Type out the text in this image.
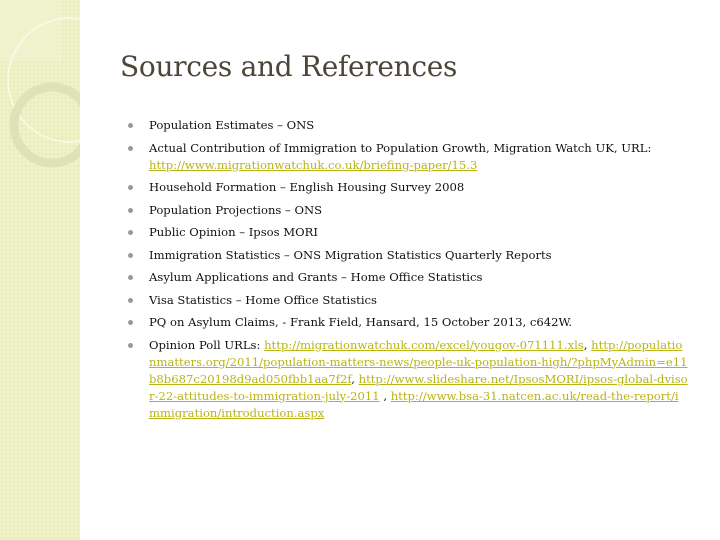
Sources and References
Population Estimates – ONS
Actual Contribution of Immigration to Population Growth, Migration Watch UK, URL:
http://www.migrationwatchuk.co.uk/briefing-paper/15.3
Household Formation – English Housing Survey 2008
Population Projections – ONS
Public Opinion – Ipsos MORI
Immigration Statistics – ONS Migration Statistics Quarterly Reports
Asylum Applications and Grants – Home Office Statistics
Visa Statistics – Home Office Statistics
PQ on Asylum Claims, - Frank Field, Hansard, 15 October 2013, c642W.
Opinion Poll URLs: http://migrationwatchuk.com/excel/yougov-071111.xls, http://populationmatters.org/2011/population-matters-news/people-uk-population-high/?phpMyAdmin=e11b8b687c20198d9ad050fbb1aa7f2f, http://www.slideshare.net/IpsosMORI/ipsos-global-dvisor-22-attitudes-to-immigration-july-2011 , http://www.bsa-31.natcen.ac.uk/read-the-report/immigration/introduction.aspx
